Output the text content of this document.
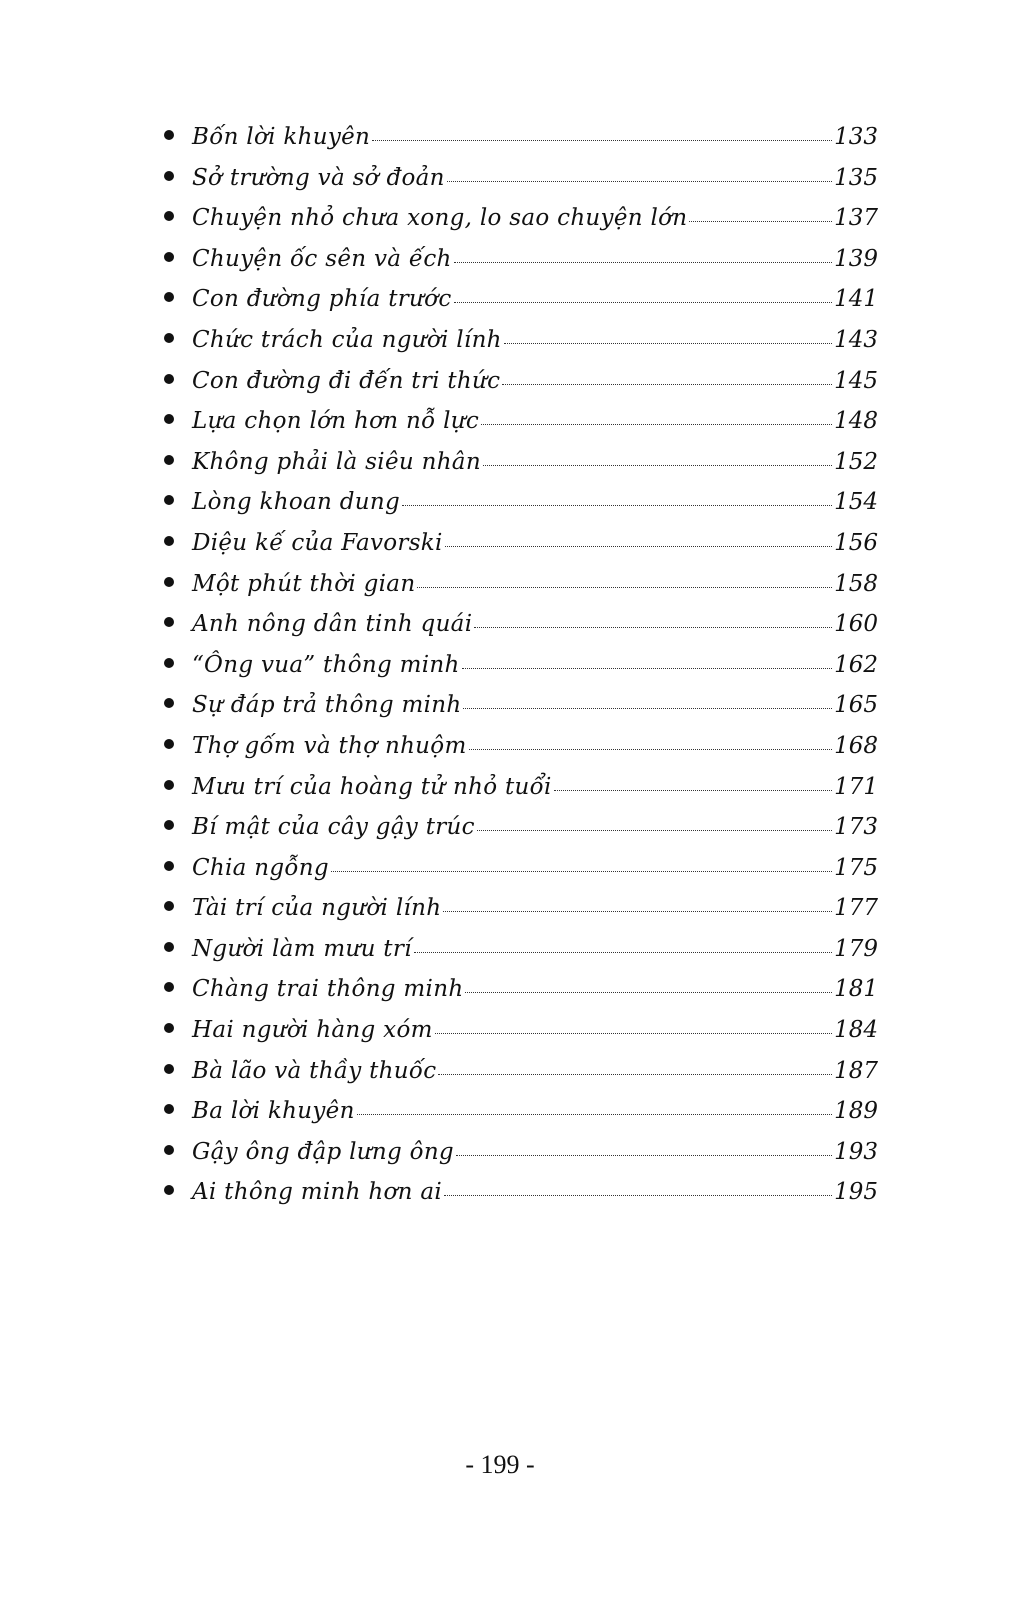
Bốn lời khuyên	133
Sở trường và sở đoản	135
Chuyện nhỏ chưa xong, lo sao chuyện lớn	137
Chuyện ốc sên và ếch	139
Con đường phía trước	141
Chức trách của người lính	143
Con đường đi đến tri thức	145
Lựa chọn lớn hơn nỗ lực	148
Không phải là siêu nhân	152
Lòng khoan dung	154
Diệu kế của Favorski	156
Một phút thời gian	158
Anh nông dân tinh quái	160
“Ông vua” thông minh	162
Sự đáp trả thông minh	165
Thợ gốm và thợ nhuộm	168
Mưu trí của hoàng tử nhỏ tuổi	171
Bí mật của cây gậy trúc	173
Chia ngỗng	175
Tài trí của người lính	177
Người làm mưu trí	179
Chàng trai thông minh	181
Hai người hàng xóm	184
Bà lão và thầy thuốc	187
Ba lời khuyên	189
Gậy ông đập lưng ông	193
Ai thông minh hơn ai	195
- 199 -
